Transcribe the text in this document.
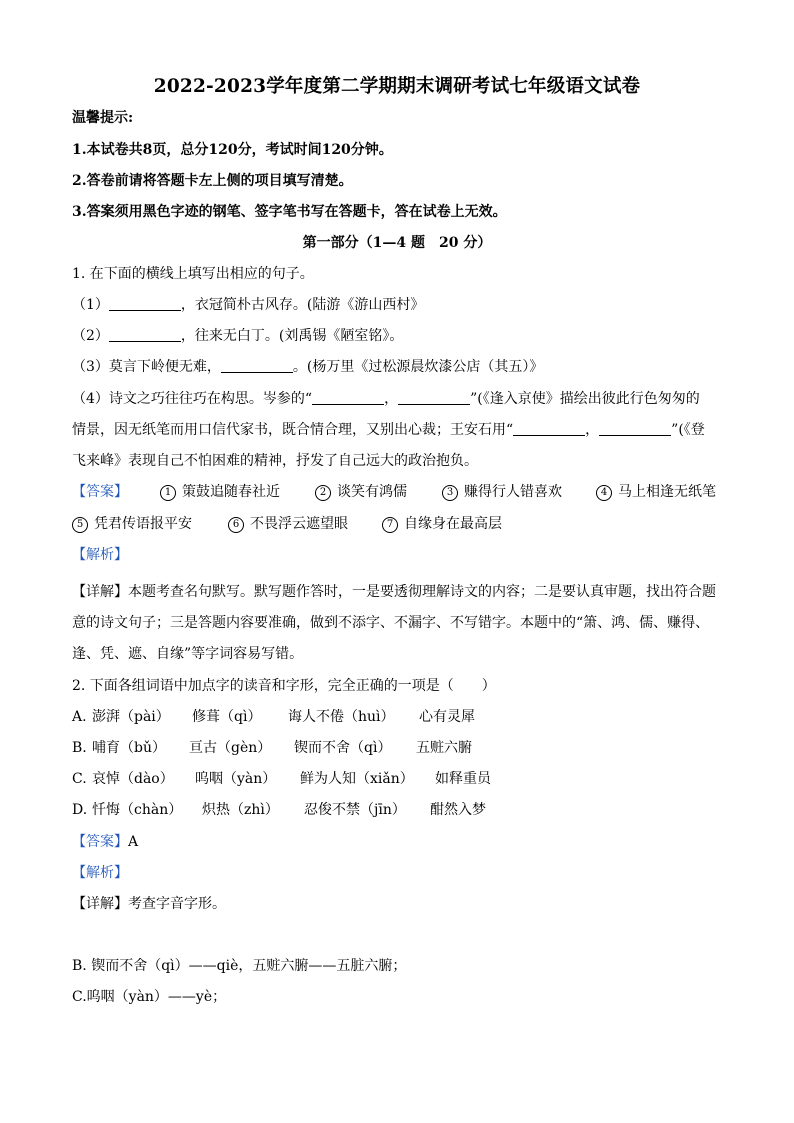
2022-2023学年度第二学期期末调研考试七年级语文试卷
温馨提示:
1.本试卷共8页，总分120分，考试时间120分钟。
2.答卷前请将答题卡左上侧的项目填写清楚。
3.答案须用黑色字迹的钢笔、签字笔书写在答题卡，答在试卷上无效。
第一部分（1—4 题　20 分）
1. 在下面的横线上填写出相应的句子。
（1）	，衣冠简朴古风存。(陆游《游山西村》
（2）	，往来无白丁。(刘禹锡《陋室铭》。
（3）莫言下岭便无难，	。(杨万里《过松源晨炊漆公店（其五）》
（4）诗文之巧往往巧在构思。岑参的“	，	”(《逢入京使》描绘出彼此行色匆匆的
情景，因无纸笔而用口信代家书，既合情合理，又别出心裁；王安石用“	，	”(《登
飞来峰》表现自己不怕困难的精神，抒发了自己远大的政治抱负。
【答案】	1 策鼓追随春社近	2 谈笑有鸿儒	3 赚得行人错喜欢	4 马上相逢无纸笔
5 凭君传语报平安	6 不畏浮云遮望眼	7 自缘身在最高层
【解析】
【详解】本题考查名句默写。默写题作答时，一是要透彻理解诗文的内容；二是要认真审题，找出符合题
意的诗文句子；三是答题内容要准确，做到不添字、不漏字、不写错字。本题中的“箫、鸿、儒、赚得、
逢、凭、遮、自缘”等字词容易写错。
2. 下面各组词语中加点字的读音和字形，完全正确的一项是（　　）
A. 澎湃（pài） 修葺（qì） 诲人不倦（huì） 心有灵犀
B. 哺育（bǔ） 亘古（gèn） 锲而不舍（qì） 五赃六腑
C. 哀悼（dào） 呜咽（yàn） 鲜为人知（xiǎn） 如释重员
D. 忏悔（chàn） 炽热（zhì） 忍俊不禁（jīn） 酣然入梦
【答案】A
【解析】
【详解】考查字音字形。
B. 锲而不舍（qì）——qiè，五赃六腑——五脏六腑；
C.呜咽（yàn）——yè；
